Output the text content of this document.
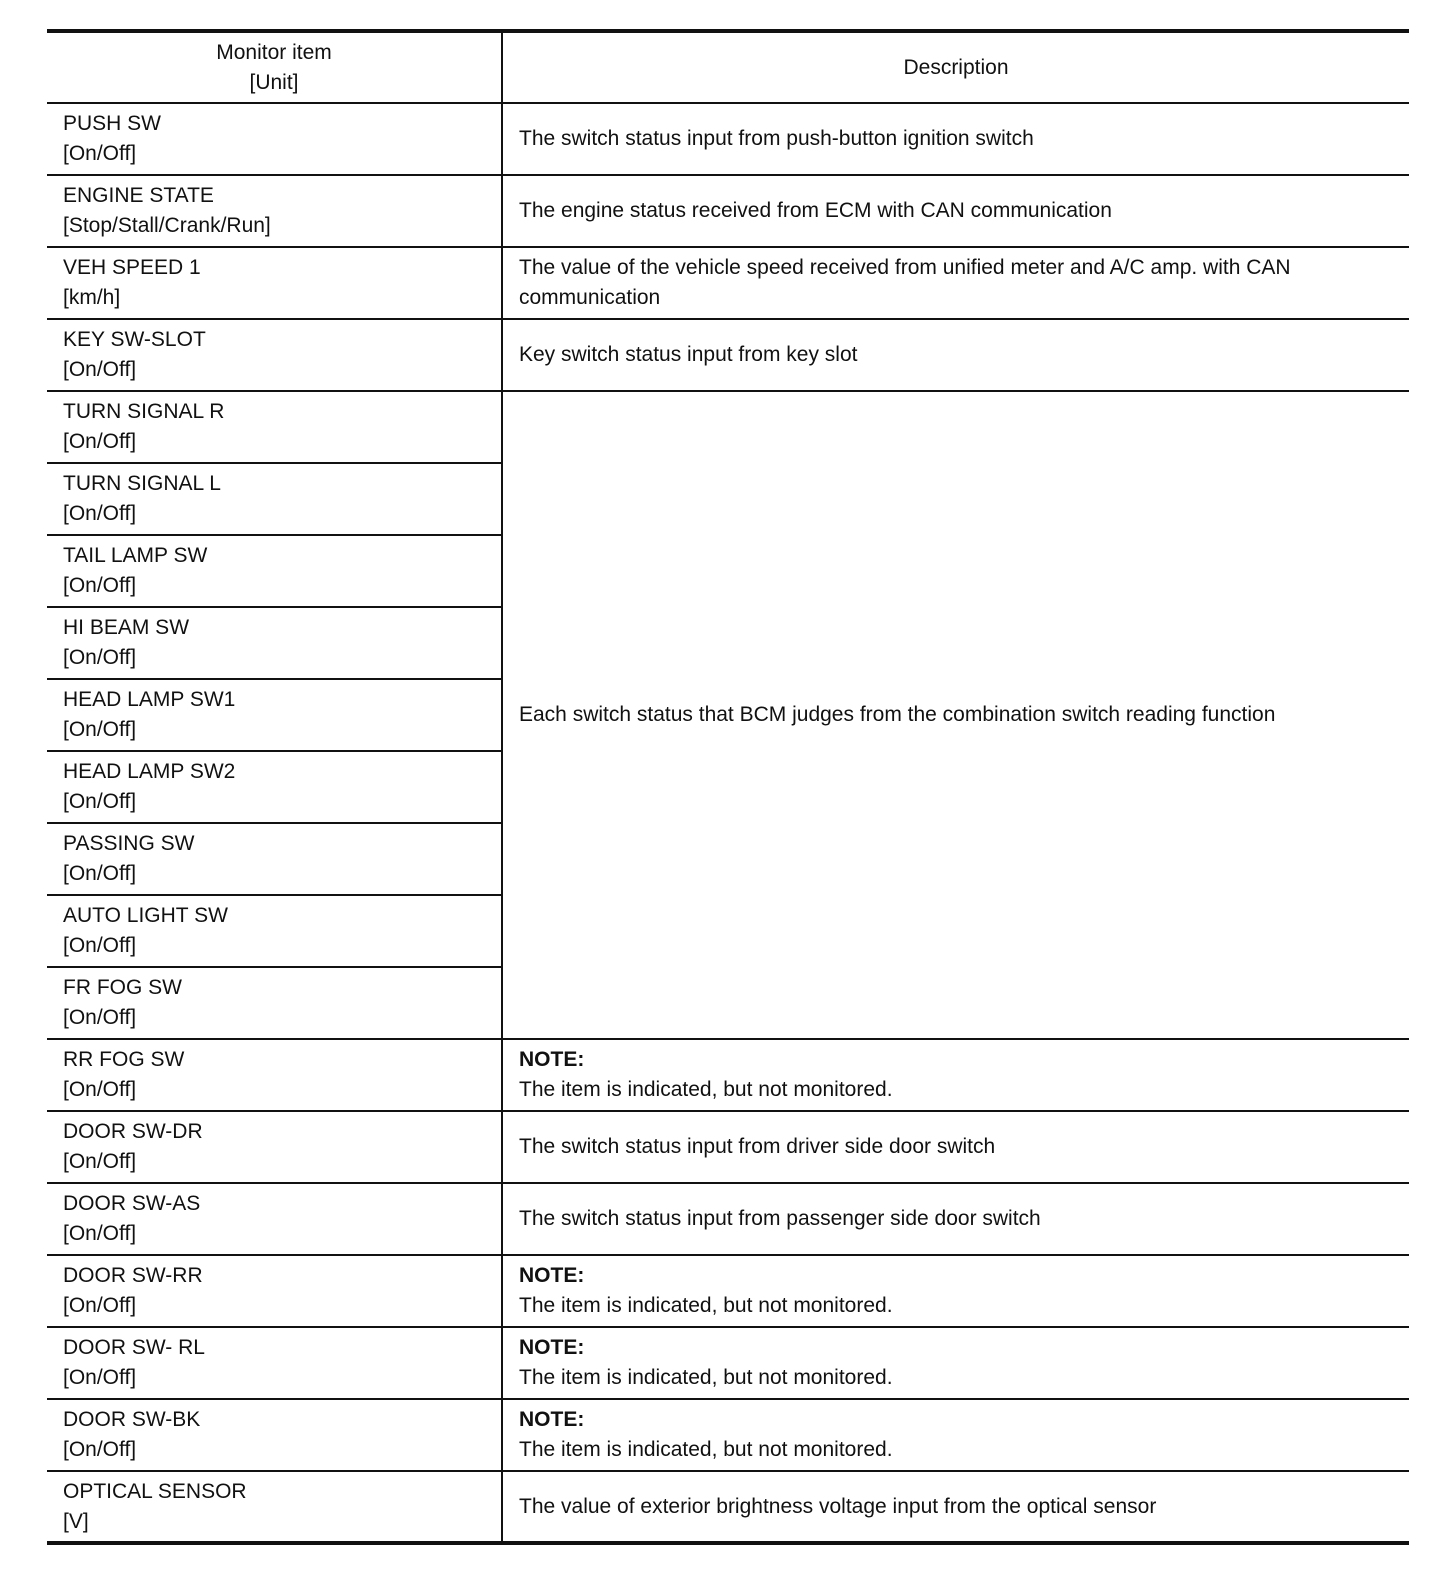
Monitor item
[Unit]	Description

PUSH SW
[On/Off]	The switch status input from push-button ignition switch

ENGINE STATE
[Stop/Stall/Crank/Run]	The engine status received from ECM with CAN communication

VEH SPEED 1
[km/h]	The value of the vehicle speed received from unified meter and A/C amp. with CAN
communication

KEY SW-SLOT
[On/Off]	Key switch status input from key slot

TURN SIGNAL R
[On/Off]	Each switch status that BCM judges from the combination switch reading function

TURN SIGNAL L
[On/Off]	

TAIL LAMP SW
[On/Off]	

HI BEAM SW
[On/Off]	

HEAD LAMP SW1
[On/Off]	

HEAD LAMP SW2
[On/Off]	

PASSING SW
[On/Off]	

AUTO LIGHT SW
[On/Off]	

FR FOG SW
[On/Off]	

RR FOG SW
[On/Off]	NOTE:
The item is indicated, but not monitored.

DOOR SW-DR
[On/Off]	The switch status input from driver side door switch

DOOR SW-AS
[On/Off]	The switch status input from passenger side door switch

DOOR SW-RR
[On/Off]	NOTE:
The item is indicated, but not monitored.

DOOR SW- RL
[On/Off]	NOTE:
The item is indicated, but not monitored.

DOOR SW-BK
[On/Off]	NOTE:
The item is indicated, but not monitored.

OPTICAL SENSOR
[V]	The value of exterior brightness voltage input from the optical sensor
